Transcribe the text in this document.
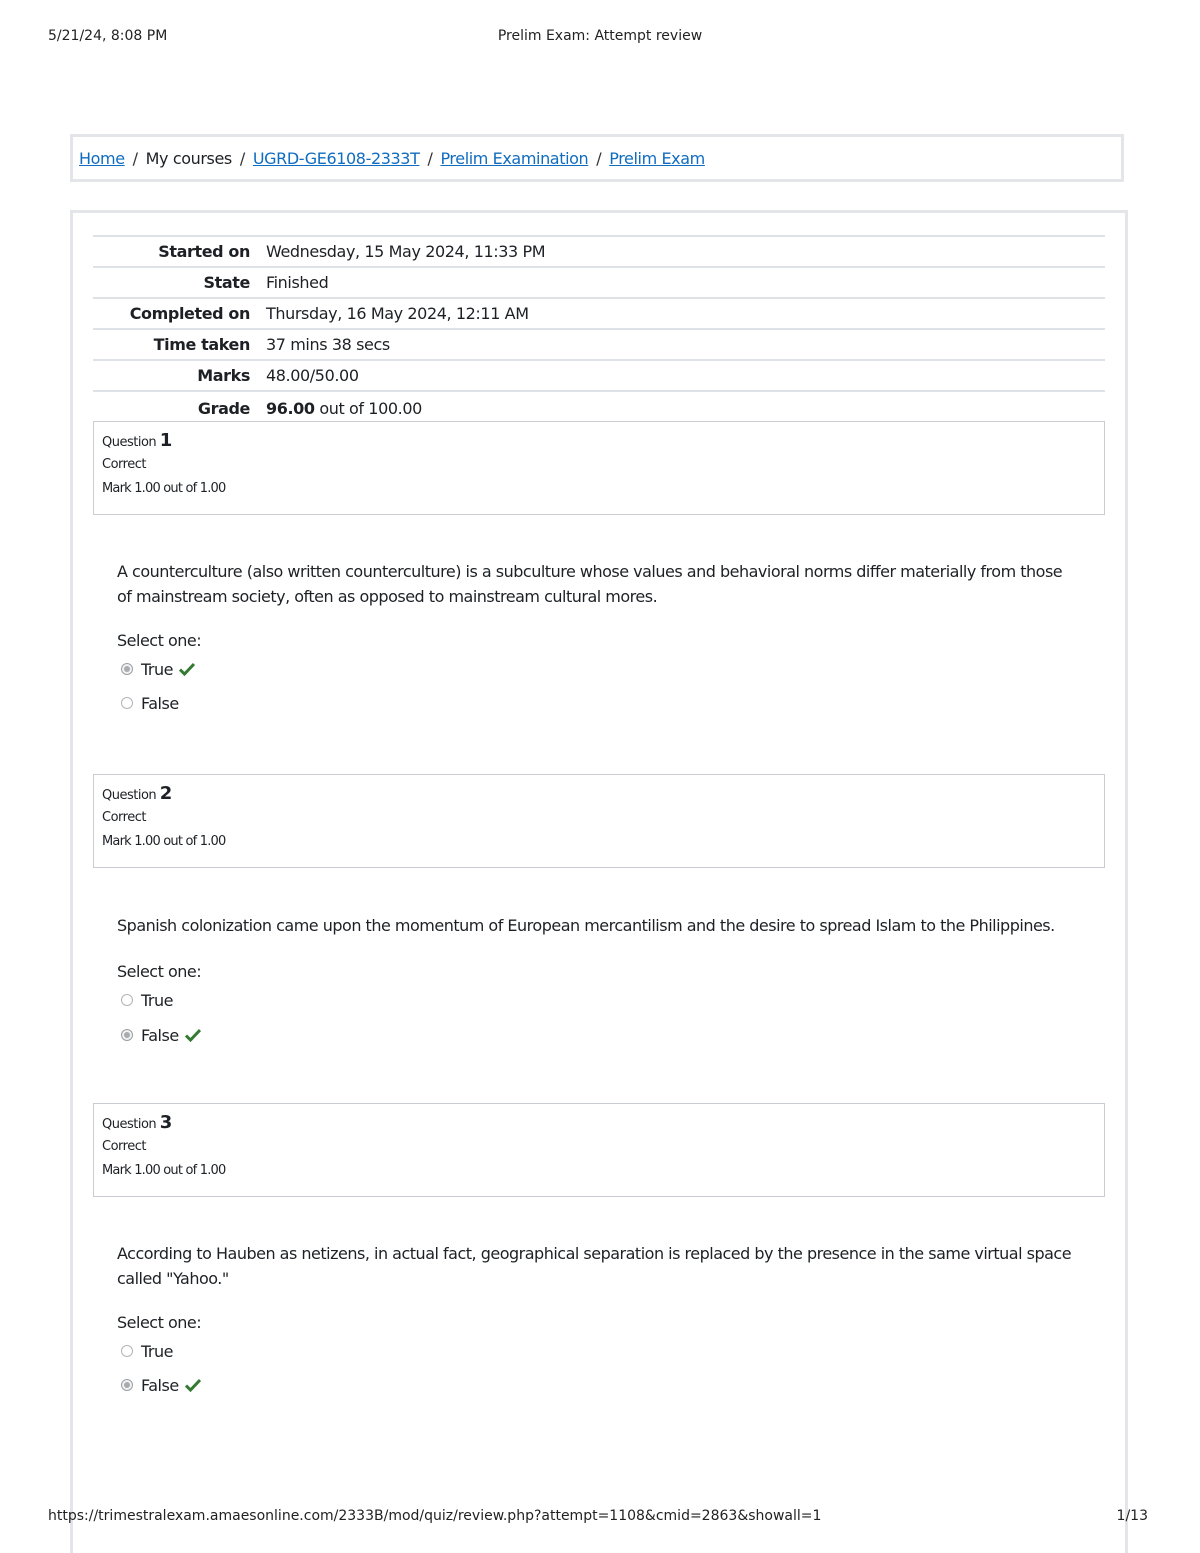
5/21/24, 8:08 PM	Prelim Exam: Attempt review
Home / My courses / UGRD-GE6108-2333T / Prelim Examination / Prelim Exam
Started on	Wednesday, 15 May 2024, 11:33 PM
State	Finished
Completed on	Thursday, 16 May 2024, 12:11 AM
Time taken	37 mins 38 secs
Marks	48.00/50.00
Grade	96.00 out of 100.00
Question 1
Correct
Mark 1.00 out of 1.00
A counterculture (also written counterculture) is a subculture whose values and behavioral norms differ materially from those of mainstream society, often as opposed to mainstream cultural mores.
Select one:
True
False
Question 2
Correct
Mark 1.00 out of 1.00
Spanish colonization came upon the momentum of European mercantilism and the desire to spread Islam to the Philippines.
Select one:
True
False
Question 3
Correct
Mark 1.00 out of 1.00
According to Hauben as netizens, in actual fact, geographical separation is replaced by the presence in the same virtual space called "Yahoo."
Select one:
True
False
https://trimestralexam.amaesonline.com/2333B/mod/quiz/review.php?attempt=1108&cmid=2863&showall=1	1/13
